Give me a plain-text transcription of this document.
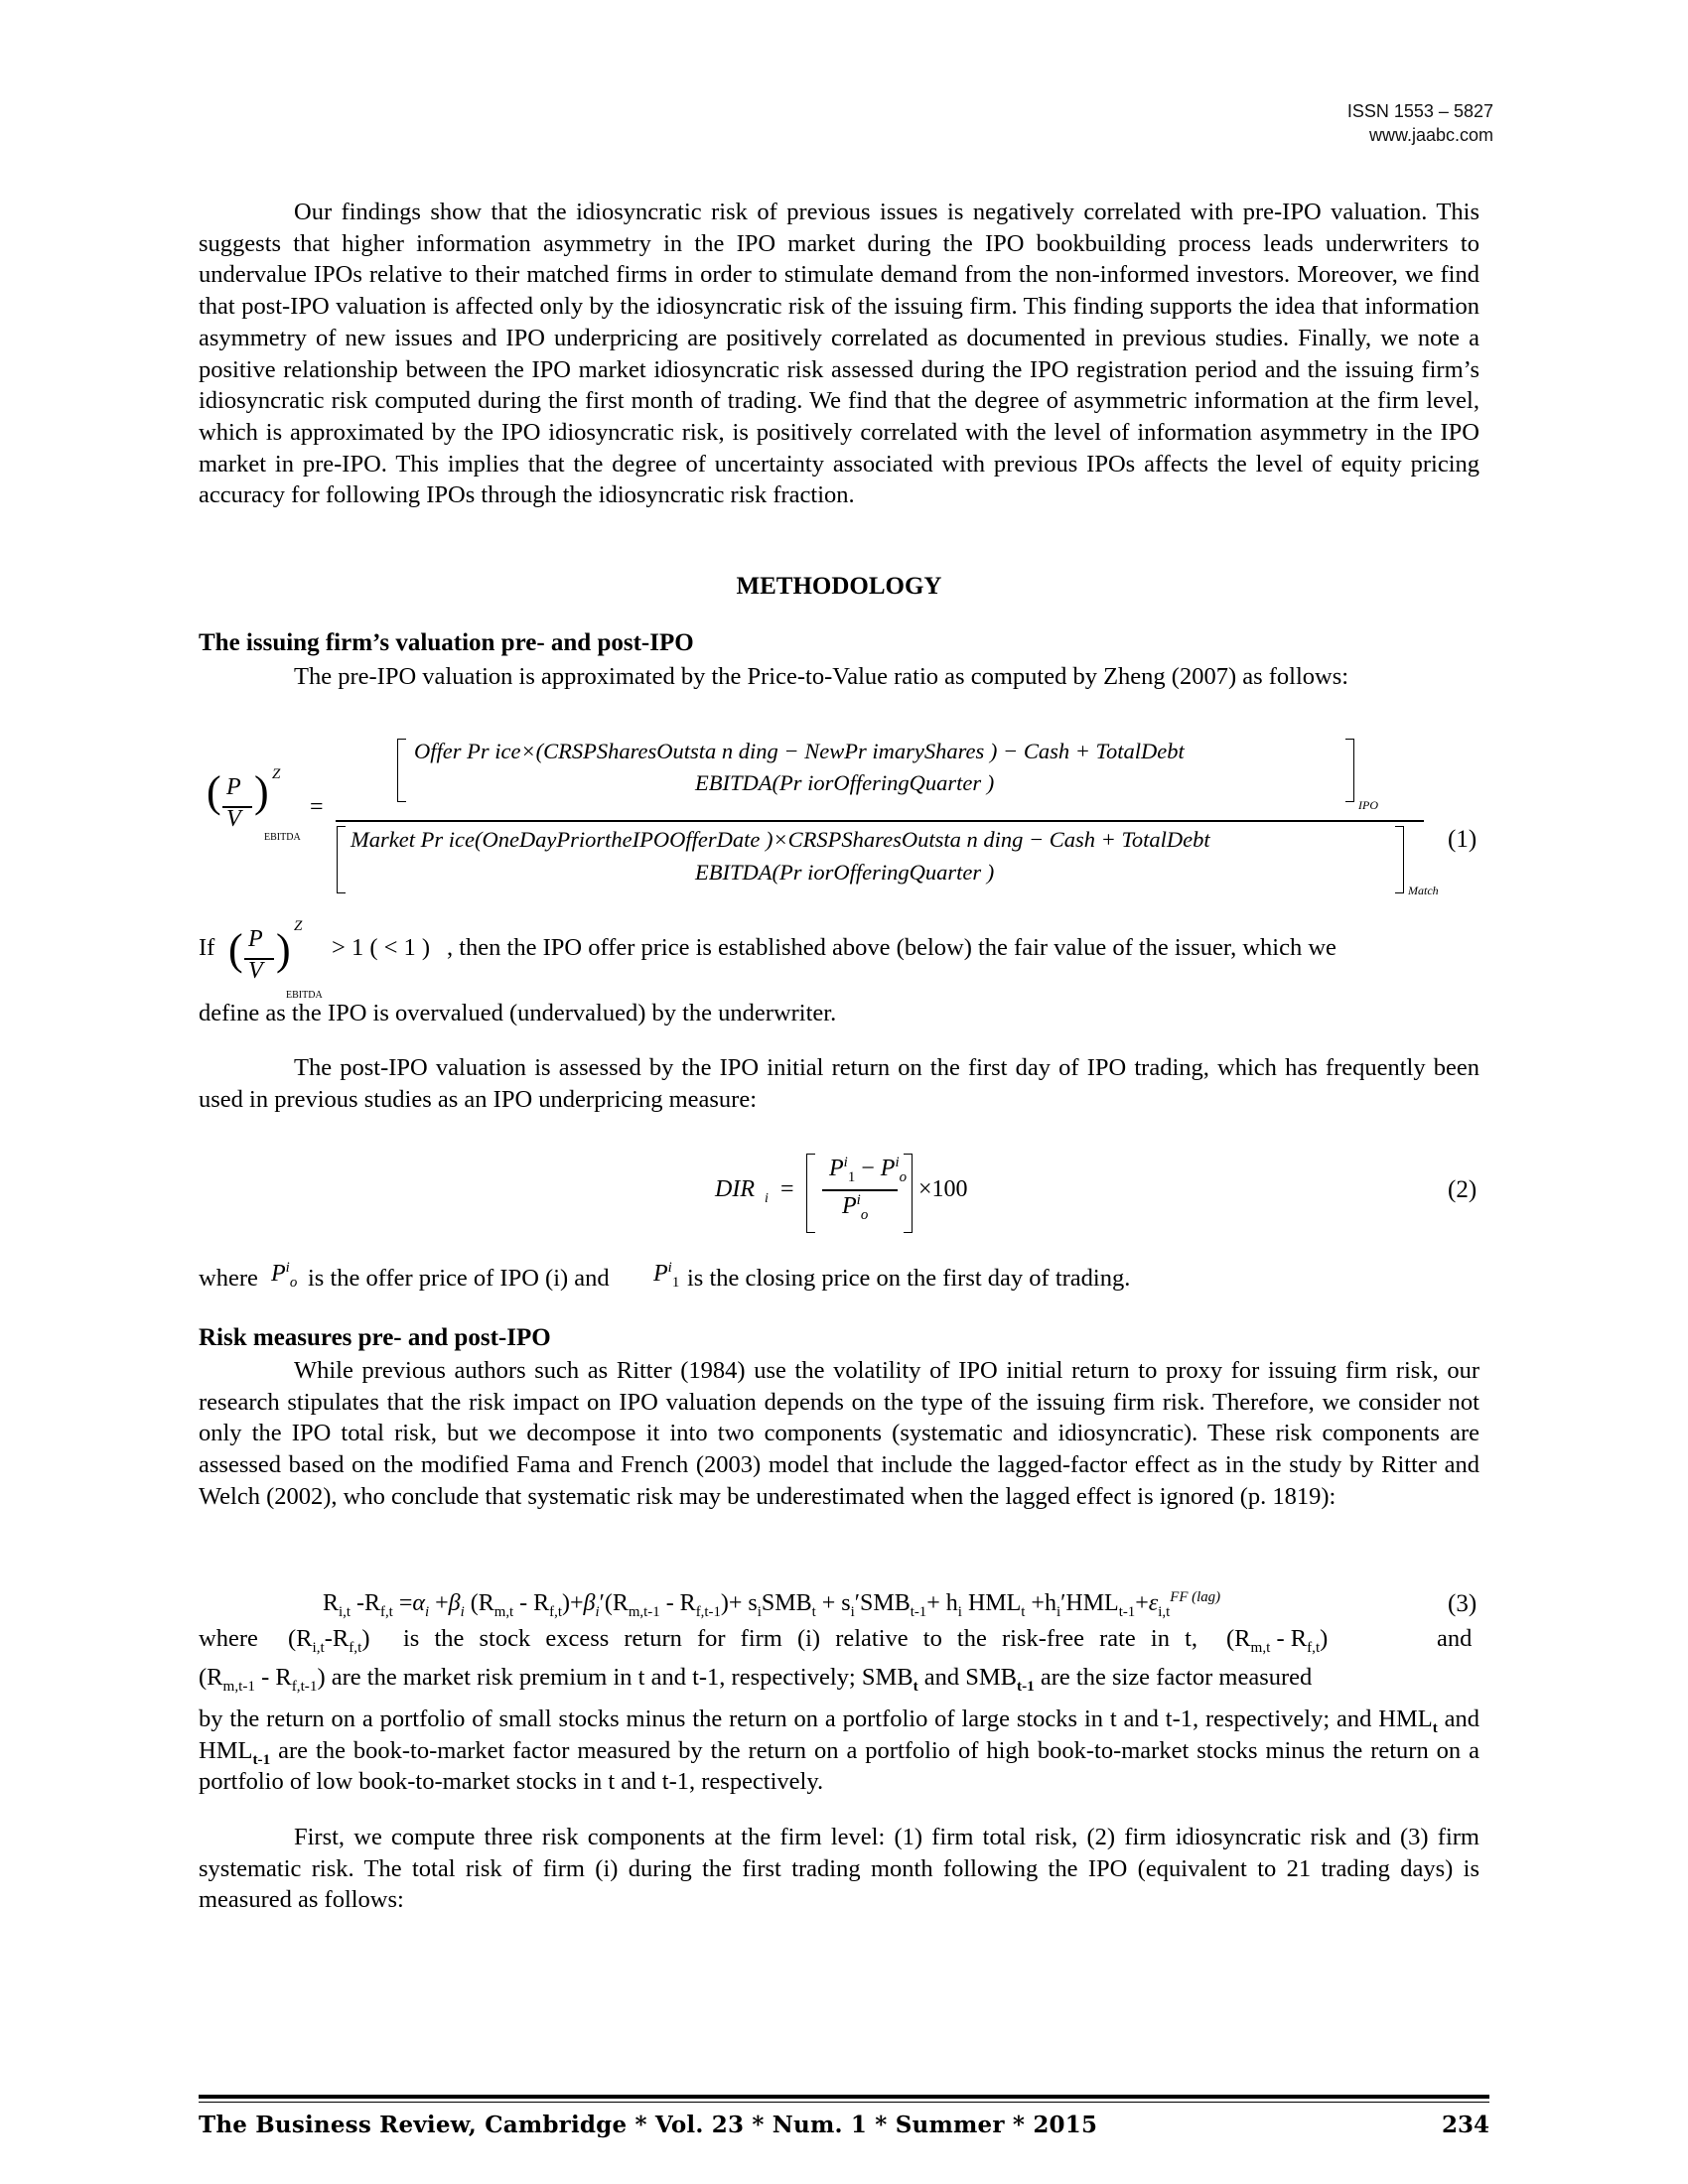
ISSN 1553 – 5827
www.jaabc.com

Our findings show that the idiosyncratic risk of previous issues is negatively correlated with pre-IPO valuation. This suggests that higher information asymmetry in the IPO market during the IPO bookbuilding process leads underwriters to undervalue IPOs relative to their matched firms in order to stimulate demand from the non-informed investors. Moreover, we find that post-IPO valuation is affected only by the idiosyncratic risk of the issuing firm. This finding supports the idea that information asymmetry of new issues and IPO underpricing are positively correlated as documented in previous studies. Finally, we note a positive relationship between the IPO market idiosyncratic risk assessed during the IPO registration period and the issuing firm’s idiosyncratic risk computed during the first month of trading. We find that the degree of asymmetric information at the firm level, which is approximated by the IPO idiosyncratic risk, is positively correlated with the level of information asymmetry in the IPO market in pre-IPO. This implies that the degree of uncertainty associated with previous IPOs affects the level of equity pricing accuracy for following IPOs through the idiosyncratic risk fraction.

METHODOLOGY
The issuing firm’s valuation pre- and post-IPO

The pre-IPO valuation is approximated by the Price-to-Value ratio as computed by Zheng (2007) as follows:

( P
V
) Z
EBITDA
=
Offer Pr ice×(CRSPSharesOutsta n ding − NewPr imaryShares ) − Cash + TotalDebt
EBITDA(Pr iorOfferingQuarter )
IPO
Market Pr ice(OneDayPriortheIPOOfferDate )×CRSPSharesOutsta n ding − Cash + TotalDebt
EBITDA(Pr iorOfferingQuarter )
Match
(1)
If ( P
V ) Z
EBITDA
> 1 ( < 1 ) , then the IPO offer price is established above (below) the fair value of the issuer, which we
define as the IPO is overvalued (undervalued) by the underwriter.

The post-IPO valuation is assessed by the IPO initial return on the first day of IPO trading, which has frequently been used in previous studies as an IPO underpricing measure:

DIR i =
$P^i_1 - P^i_o$
$P^i_o$
×100	(2)
where $P^i_o$ is the offer price of IPO (i) and $P^i_1$ is the closing price on the first day of trading.
Risk measures pre- and post-IPO

While previous authors such as Ritter (1984) use the volatility of IPO initial return to proxy for issuing firm risk, our research stipulates that the risk impact on IPO valuation depends on the type of the issuing firm risk. Therefore, we consider not only the IPO total risk, but we decompose it into two components (systematic and idiosyncratic). These risk components are assessed based on the modified Fama and French (2003) model that include the lagged-factor effect as in the study by Ritter and Welch (2002), who conclude that systematic risk may be underestimated when the lagged effect is ignored (p. 1819):

$R_{i,t}$ $-R_{f,t} =\alpha_i +\beta_i$ $(R_{m,t} - R_{f,t})+\beta_i'(R_{m,t-1} - R_{f,t-1})+ s_iSMB_t + s_i'SMB_{t-1}+ h_i$ $HML_t +h_i'HML_{t-1}+\varepsilon_{i,t}^{FF (lag)}$	(3)
where $(R_{i,t}-R_{f,t})$ is the stock excess return for firm (i) relative to the risk-free rate in t, $(R_{m,t} - R_{f,t})$	and
$(R_{m,t-1} - R_{f,t-1})$ are the market risk premium in t and t-1, respectively; $SMB_t$ and $SMB_{t-1}$ are the size factor measured

by the return on a portfolio of small stocks minus the return on a portfolio of large stocks in t and t-1, respectively; and $HML_t$ and $HML_{t-1}$ are the book-to-market factor measured by the return on a portfolio of high book-to-market stocks minus the return on a portfolio of low book-to-market stocks in t and t-1, respectively.

First, we compute three risk components at the firm level: (1) firm total risk, (2) firm idiosyncratic risk and (3) firm systematic risk. The total risk of firm (i) during the first trading month following the IPO (equivalent to 21 trading days) is measured as follows:

The Business Review, Cambridge * Vol. 23 * Num. 1 * Summer * 2015	234
